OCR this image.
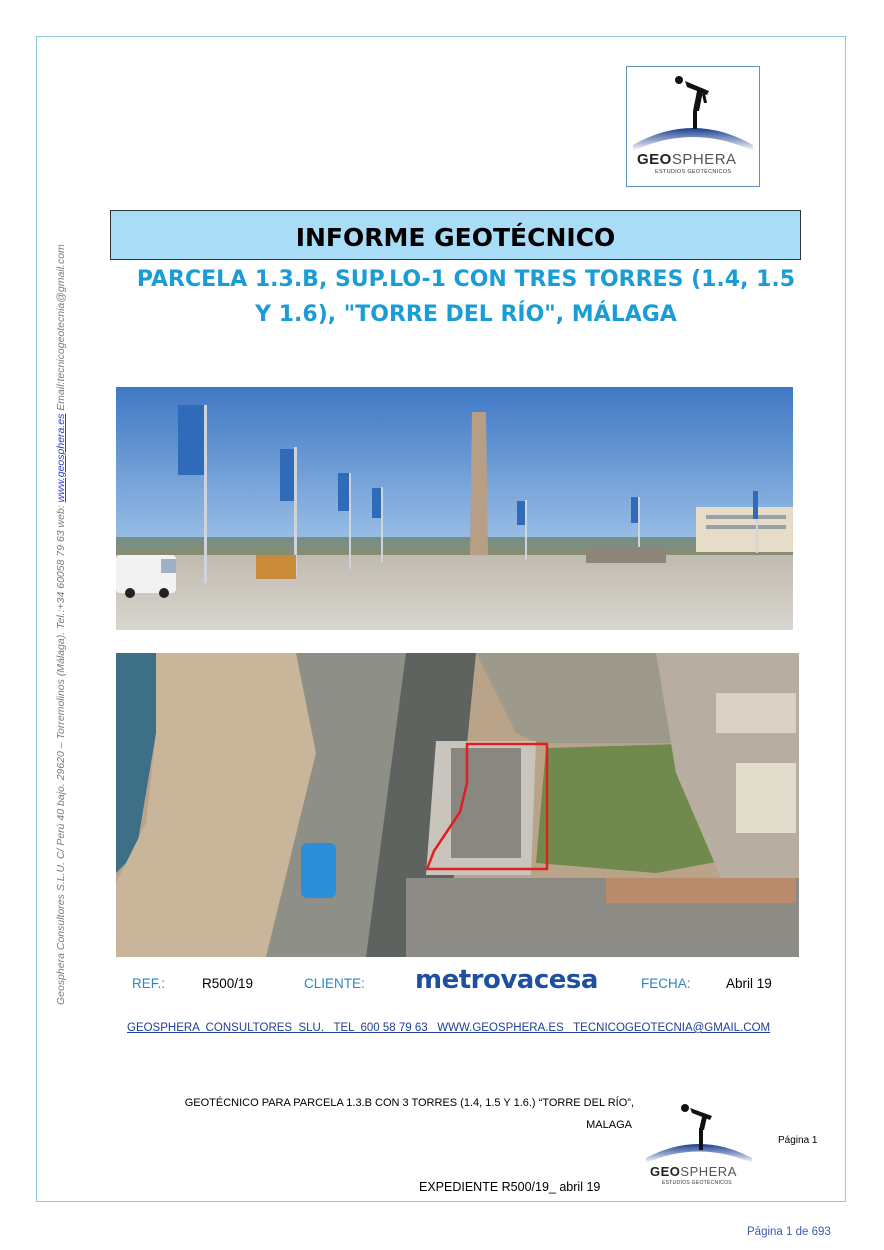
Geosphera Consultores S.L.U. C/ Perú 40 bajo. 29620 – Torremolinos (Málaga). Tel.:+34 60058 79 63 web: www.geosphera.es Email:tecnicogeotecnia@gmail.com
GEOSPHERA
ESTUDIOS GEOTÉCNICOS
INFORME GEOTÉCNICO
PARCELA 1.3.B, SUP.LO-1 CON TRES TORRES (1.4, 1.5
Y 1.6), "TORRE DEL RÍO", MÁLAGA
REF.:	R500/19	CLIENTE: metrovacesa	FECHA:	Abril 19
GEOSPHERA  CONSULTORES  SLU. TEL  600 58 79 63 WWW.GEOSPHERA.ES TECNICOGEOTECNIA@GMAIL.COM
GEOTÉCNICO PARA PARCELA 1.3.B CON 3 TORRES (1.4, 1.5 Y 1.6.) “TORRE DEL RÍO”,
MALAGA
GEOSPHERA
ESTUDIOS GEOTÉCNICOS
Página 1
EXPEDIENTE R500/19_ abril 19
Página 1 de 693
